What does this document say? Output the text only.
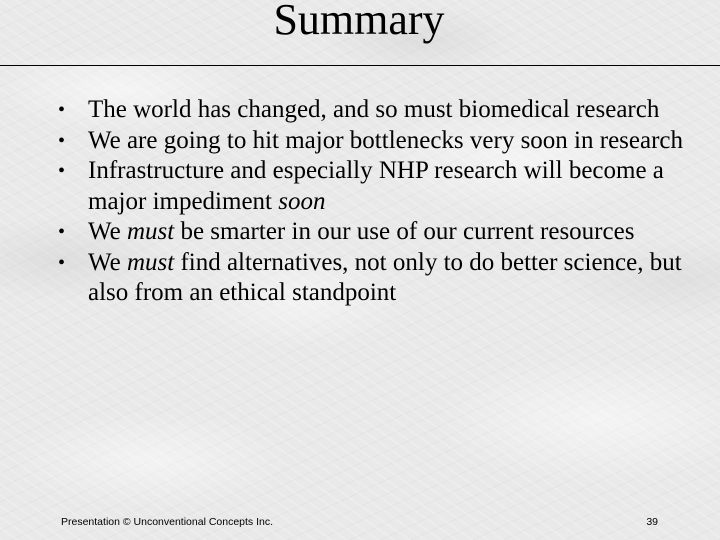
Summary
• The world has changed, and so must biomedical research
• We are going to hit major bottlenecks very soon in research
• Infrastructure and especially NHP research will become a major impediment soon
• We must be smarter in our use of our current resources
• We must find alternatives, not only to do better science, but also from an ethical standpoint
Presentation © Unconventional Concepts Inc.	39
